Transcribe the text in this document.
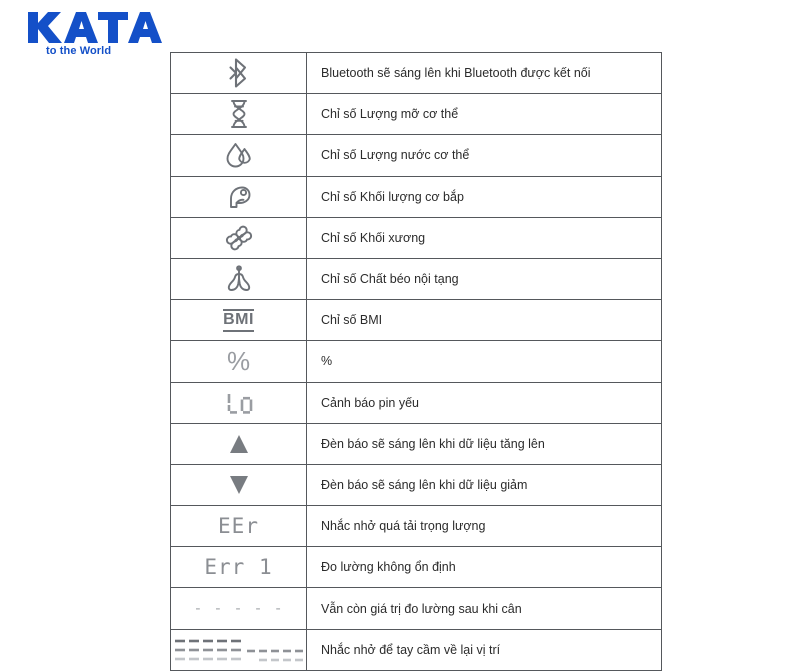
to the World
	Bluetooth sẽ sáng lên khi Bluetooth được kết nối

	Chỉ số Lượng mỡ cơ thể

	Chỉ số Lượng nước cơ thể

	Chỉ số Khối lượng cơ bắp

	Chỉ số Khối xương

	Chỉ số Chất béo nội tạng

BMI	Chỉ số BMI

%	%

	Cảnh báo pin yếu

	Đèn báo sẽ sáng lên khi dữ liệu tăng lên

	Đèn báo sẽ sáng lên khi dữ liệu giảm

EEr	Nhắc nhở quá tải trọng lượng

Err 1	Đo lường không ổn định

- - - - -	Vẫn còn giá trị đo lường sau khi cân

	Nhắc nhở để tay cầm về lại vị trí
